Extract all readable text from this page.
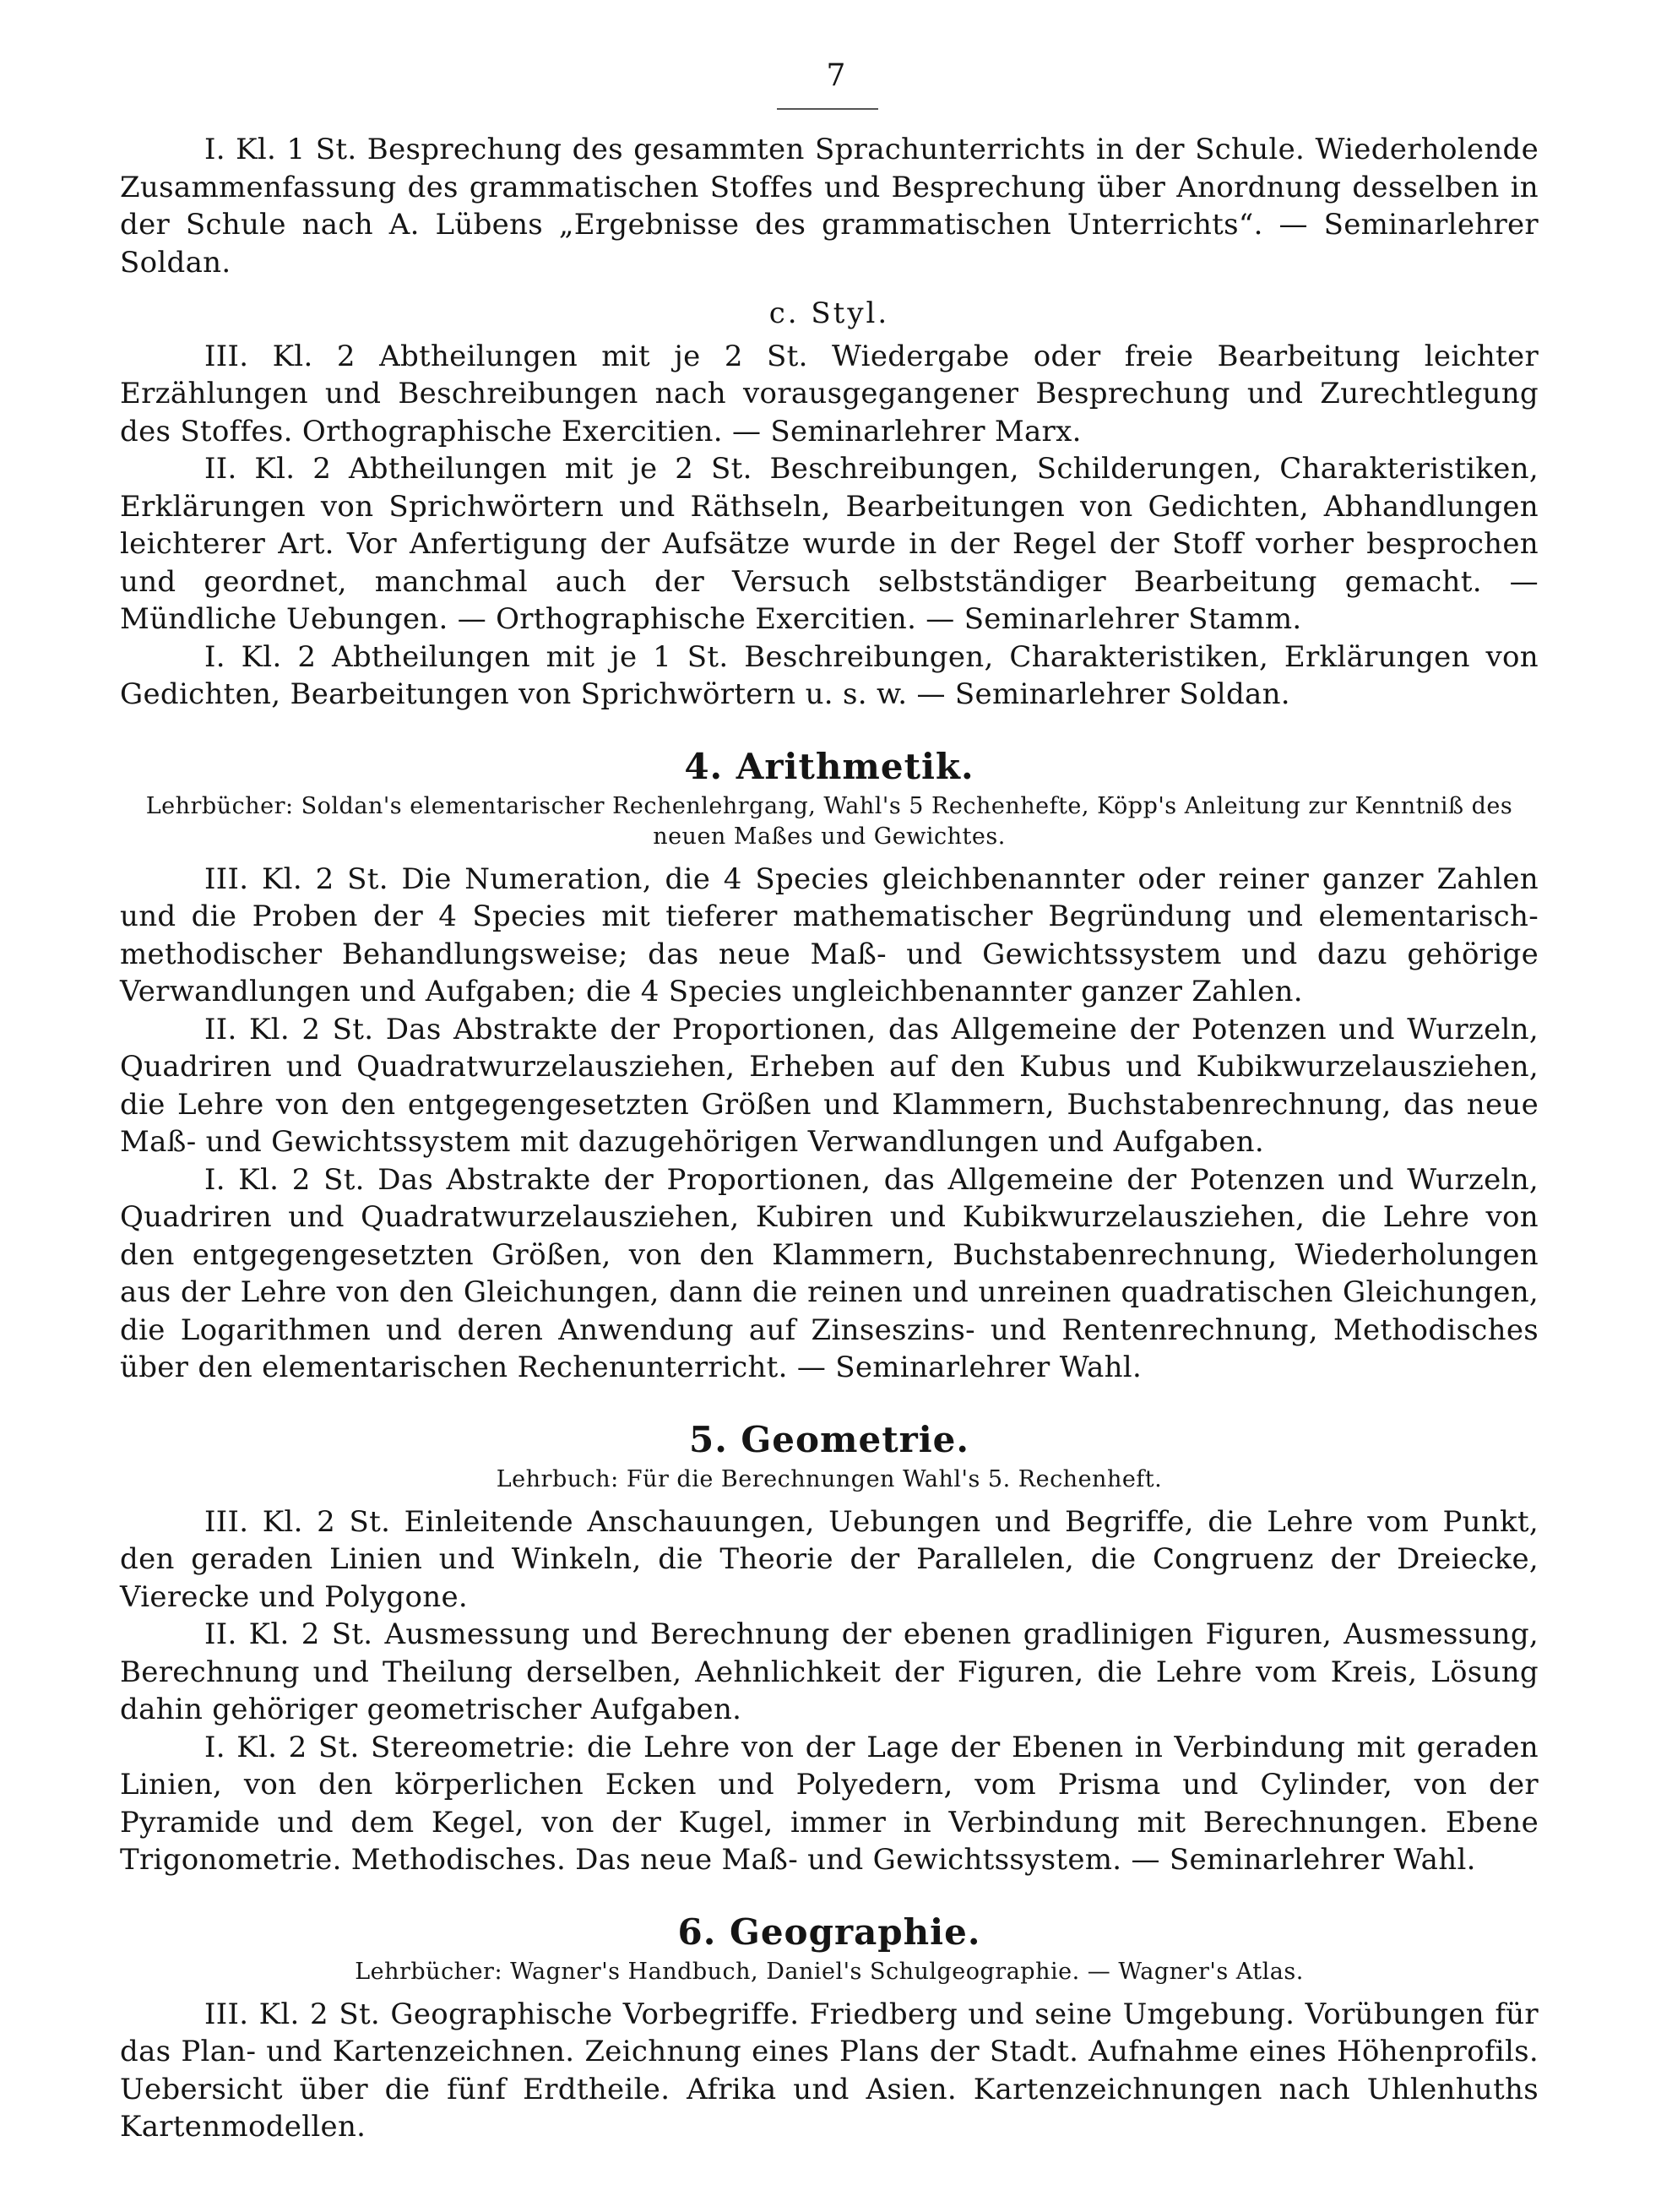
7

I. Kl. 1 St. Besprechung des gesammten Sprachunterrichts in der Schule. Wiederholende Zusammenfassung des grammatischen Stoffes und Besprechung über Anordnung desselben in der Schule nach A. Lübens „Ergebnisse des grammatischen Unterrichts“. — Seminarlehrer Soldan.

c. Styl.

III. Kl. 2 Abtheilungen mit je 2 St. Wiedergabe oder freie Bearbeitung leichter Erzählungen und Beschreibungen nach vorausgegangener Besprechung und Zurechtlegung des Stoffes. Orthographische Exercitien. — Seminarlehrer Marx.

II. Kl. 2 Abtheilungen mit je 2 St. Beschreibungen, Schilderungen, Charakteristiken, Erklärungen von Sprichwörtern und Räthseln, Bearbeitungen von Gedichten, Abhandlungen leichterer Art. Vor Anfertigung der Aufsätze wurde in der Regel der Stoff vorher besprochen und geordnet, manchmal auch der Versuch selbstständiger Bearbeitung gemacht. — Mündliche Uebungen. — Orthographische Exercitien. — Seminarlehrer Stamm.

I. Kl. 2 Abtheilungen mit je 1 St. Beschreibungen, Charakteristiken, Erklärungen von Gedichten, Bearbeitungen von Sprichwörtern u. s. w. — Seminarlehrer Soldan.

4. Arithmetik.
Lehrbücher: Soldan's elementarischer Rechenlehrgang, Wahl's 5 Rechenhefte, Köpp's Anleitung zur Kenntniß des neuen Maßes und Gewichtes.

III. Kl. 2 St. Die Numeration, die 4 Species gleichbenannter oder reiner ganzer Zahlen und die Proben der 4 Species mit tieferer mathematischer Begründung und elementarisch-methodischer Behandlungsweise; das neue Maß- und Gewichtssystem und dazu gehörige Verwandlungen und Aufgaben; die 4 Species ungleichbenannter ganzer Zahlen.

II. Kl. 2 St. Das Abstrakte der Proportionen, das Allgemeine der Potenzen und Wurzeln, Quadriren und Quadratwurzelausziehen, Erheben auf den Kubus und Kubikwurzelausziehen, die Lehre von den entgegengesetzten Größen und Klammern, Buchstabenrechnung, das neue Maß- und Gewichtssystem mit dazugehörigen Verwandlungen und Aufgaben.

I. Kl. 2 St. Das Abstrakte der Proportionen, das Allgemeine der Potenzen und Wurzeln, Quadriren und Quadratwurzelausziehen, Kubiren und Kubikwurzelausziehen, die Lehre von den entgegengesetzten Größen, von den Klammern, Buchstabenrechnung, Wiederholungen aus der Lehre von den Gleichungen, dann die reinen und unreinen quadratischen Gleichungen, die Logarithmen und deren Anwendung auf Zinseszins- und Rentenrechnung, Methodisches über den elementarischen Rechenunterricht. — Seminarlehrer Wahl.

5. Geometrie.
Lehrbuch: Für die Berechnungen Wahl's 5. Rechenheft.

III. Kl. 2 St. Einleitende Anschauungen, Uebungen und Begriffe, die Lehre vom Punkt, den geraden Linien und Winkeln, die Theorie der Parallelen, die Congruenz der Dreiecke, Vierecke und Polygone.

II. Kl. 2 St. Ausmessung und Berechnung der ebenen gradlinigen Figuren, Ausmessung, Berechnung und Theilung derselben, Aehnlichkeit der Figuren, die Lehre vom Kreis, Lösung dahin gehöriger geometrischer Aufgaben.

I. Kl. 2 St. Stereometrie: die Lehre von der Lage der Ebenen in Verbindung mit geraden Linien, von den körperlichen Ecken und Polyedern, vom Prisma und Cylinder, von der Pyramide und dem Kegel, von der Kugel, immer in Verbindung mit Berechnungen. Ebene Trigonometrie. Methodisches. Das neue Maß- und Gewichtssystem. — Seminarlehrer Wahl.

6. Geographie.
Lehrbücher: Wagner's Handbuch, Daniel's Schulgeographie. — Wagner's Atlas.

III. Kl. 2 St. Geographische Vorbegriffe. Friedberg und seine Umgebung. Vorübungen für das Plan- und Kartenzeichnen. Zeichnung eines Plans der Stadt. Aufnahme eines Höhenprofils. Uebersicht über die fünf Erdtheile. Afrika und Asien. Kartenzeichnungen nach Uhlenhuths Kartenmodellen.
